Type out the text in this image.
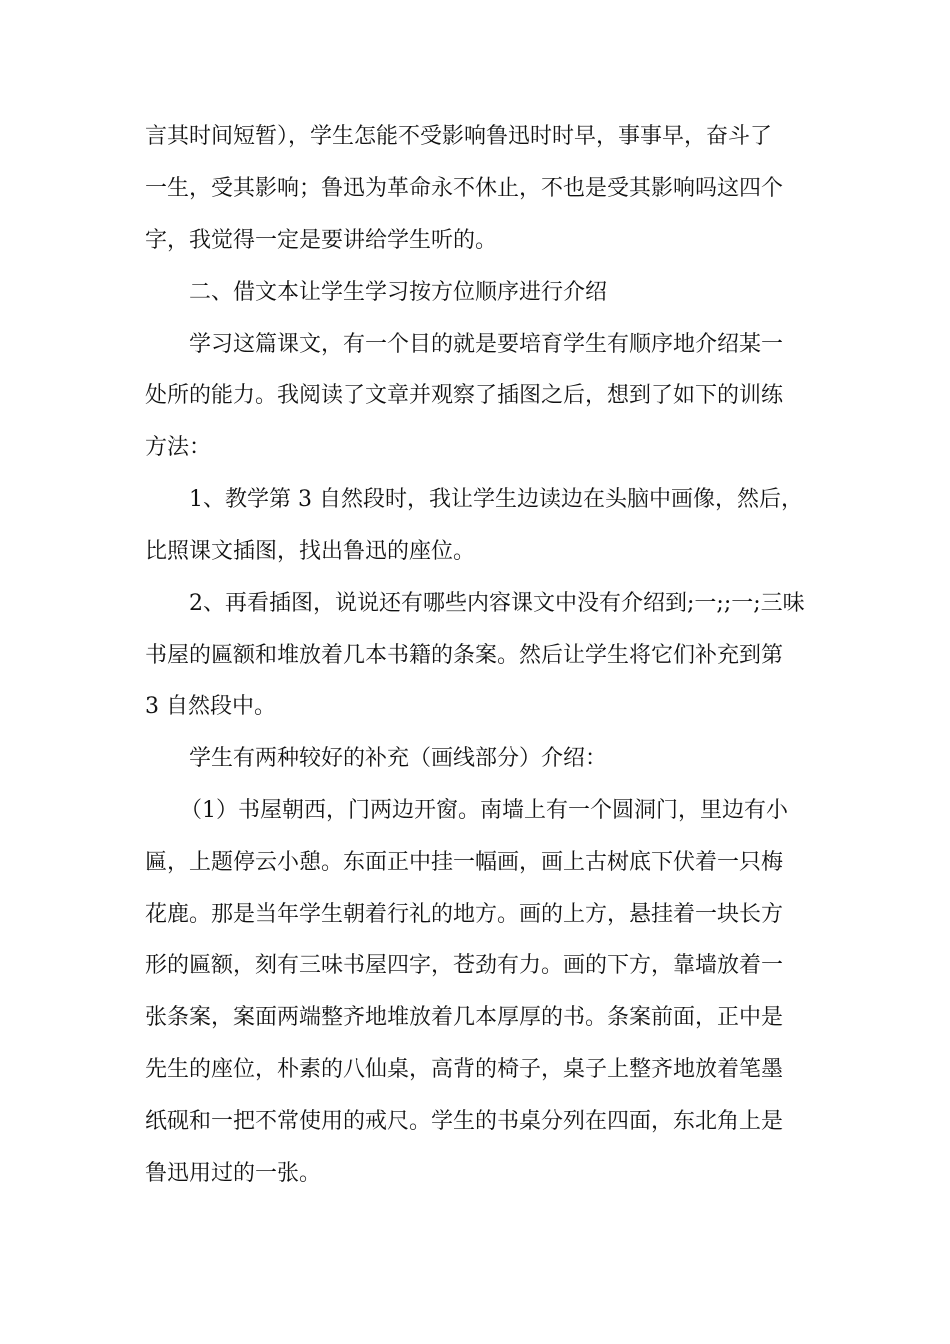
言其时间短暂），学生怎能不受影响鲁迅时时早，事事早，奋斗了
一生，受其影响；鲁迅为革命永不休止，不也是受其影响吗这四个
字，我觉得一定是要讲给学生听的。
二、借文本让学生学习按方位顺序进行介绍
学习这篇课文，有一个目的就是要培育学生有顺序地介绍某一
处所的能力。我阅读了文章并观察了插图之后，想到了如下的训练
方法：
1、教学第 3 自然段时，我让学生边读边在头脑中画像，然后，
比照课文插图，找出鲁迅的座位。
2、再看插图，说说还有哪些内容课文中没有介绍到;一;;一;三味
书屋的匾额和堆放着几本书籍的条案。然后让学生将它们补充到第
3 自然段中。
学生有两种较好的补充（画线部分）介绍：
（1）书屋朝西，门两边开窗。南墙上有一个圆洞门，里边有小
匾，上题停云小憩。东面正中挂一幅画，画上古树底下伏着一只梅
花鹿。那是当年学生朝着行礼的地方。画的上方，悬挂着一块长方
形的匾额，刻有三味书屋四字，苍劲有力。画的下方，靠墙放着一
张条案，案面两端整齐地堆放着几本厚厚的书。条案前面，正中是
先生的座位，朴素的八仙桌，高背的椅子，桌子上整齐地放着笔墨
纸砚和一把不常使用的戒尺。学生的书桌分列在四面，东北角上是
鲁迅用过的一张。
